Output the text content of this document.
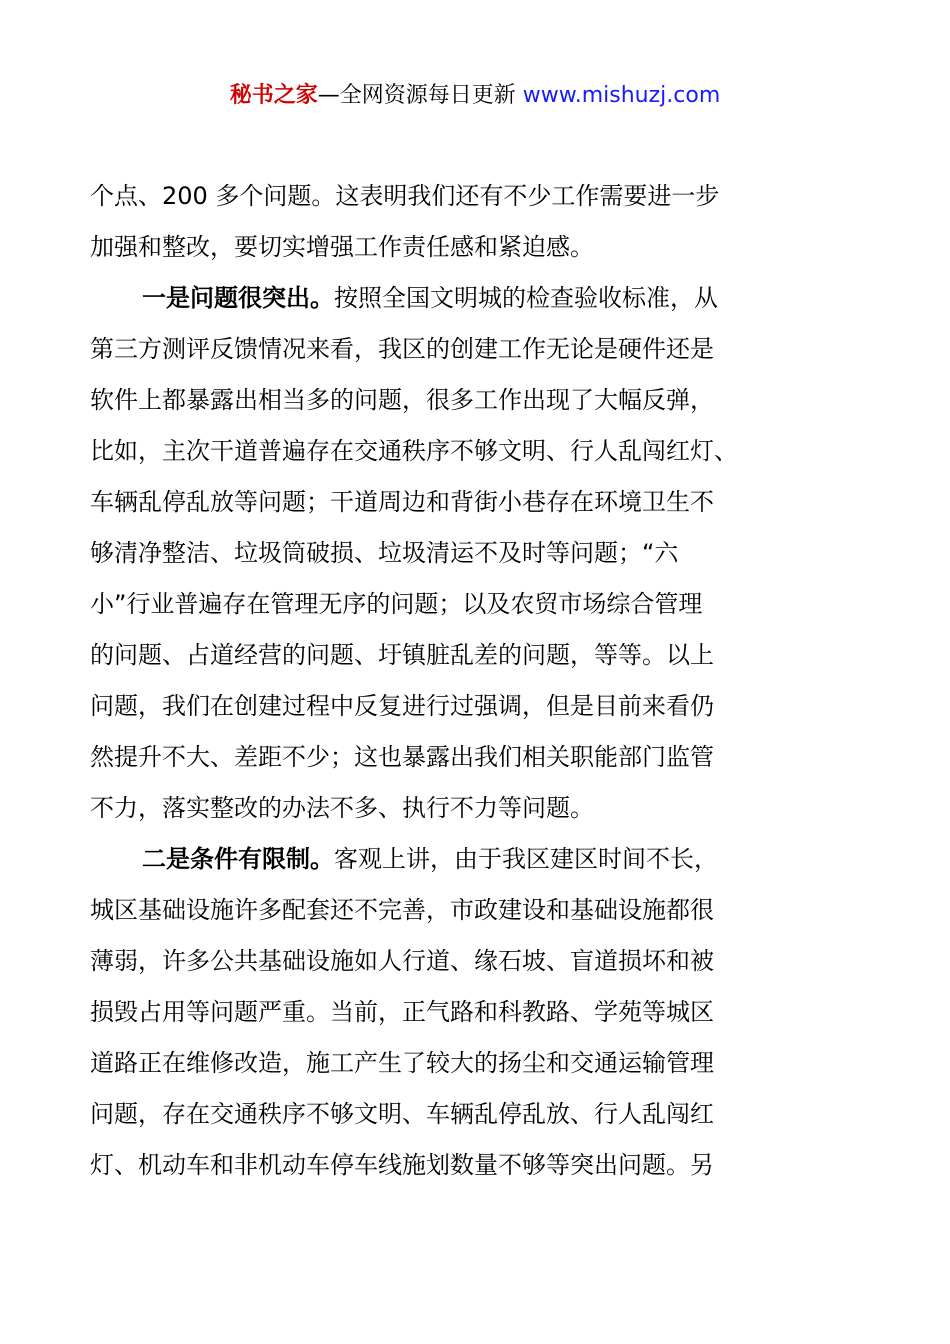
秘书之家—全网资源每日更新 www.mishuzj.com
个点、200 多个问题。这表明我们还有不少工作需要进一步
加强和整改，要切实增强工作责任感和紧迫感。
一是问题很突出。按照全国文明城的检查验收标准，从
第三方测评反馈情况来看，我区的创建工作无论是硬件还是
软件上都暴露出相当多的问题，很多工作出现了大幅反弹，
比如，主次干道普遍存在交通秩序不够文明、行人乱闯红灯、
车辆乱停乱放等问题；干道周边和背街小巷存在环境卫生不
够清净整洁、垃圾筒破损、垃圾清运不及时等问题；“六
小”行业普遍存在管理无序的问题；以及农贸市场综合管理
的问题、占道经营的问题、圩镇脏乱差的问题，等等。以上
问题，我们在创建过程中反复进行过强调，但是目前来看仍
然提升不大、差距不少；这也暴露出我们相关职能部门监管
不力，落实整改的办法不多、执行不力等问题。
二是条件有限制。客观上讲，由于我区建区时间不长，
城区基础设施许多配套还不完善，市政建设和基础设施都很
薄弱，许多公共基础设施如人行道、缘石坡、盲道损坏和被
损毁占用等问题严重。当前，正气路和科教路、学苑等城区
道路正在维修改造，施工产生了较大的扬尘和交通运输管理
问题，存在交通秩序不够文明、车辆乱停乱放、行人乱闯红
灯、机动车和非机动车停车线施划数量不够等突出问题。另
